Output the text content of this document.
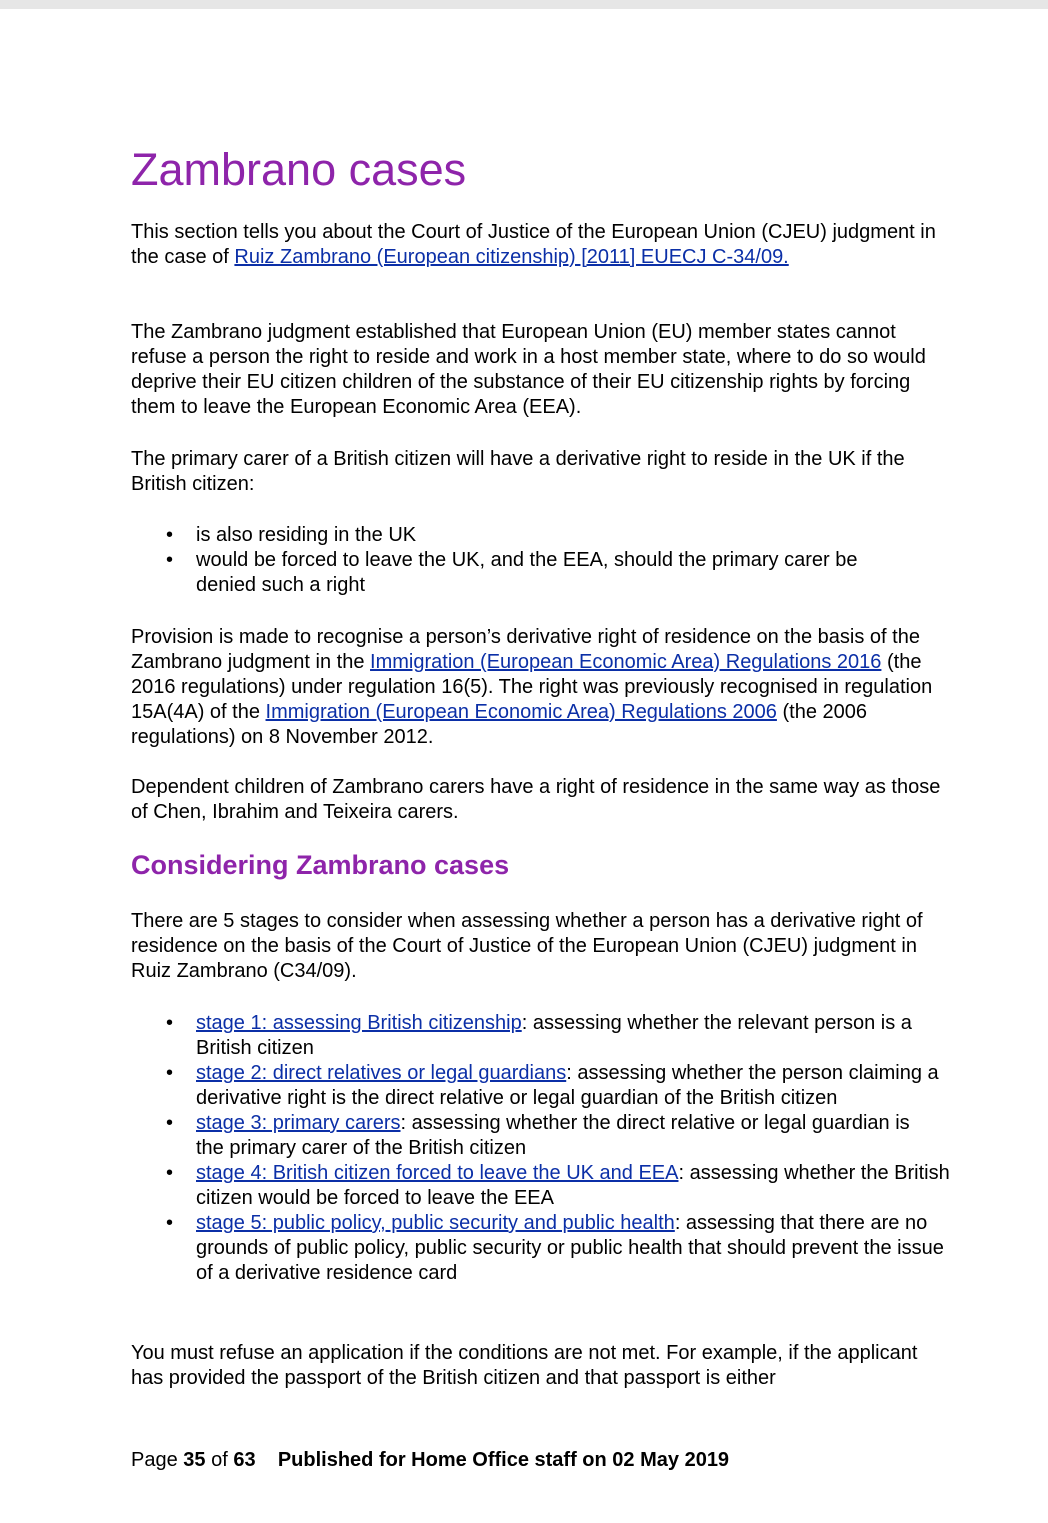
Zambrano cases

This section tells you about the Court of Justice of the European Union (CJEU) judgment in the case of Ruiz Zambrano (European citizenship) [2011] EUECJ C-34/09.

The Zambrano judgment established that European Union (EU) member states cannot refuse a person the right to reside and work in a host member state, where to do so would deprive their EU citizen children of the substance of their EU citizenship rights by forcing them to leave the European Economic Area (EEA).

The primary carer of a British citizen will have a derivative right to reside in the UK if the British citizen:

• is also residing in the UK
• would be forced to leave the UK, and the EEA, should the primary carer be denied such a right

Provision is made to recognise a person’s derivative right of residence on the basis of the Zambrano judgment in the Immigration (European Economic Area) Regulations 2016 (the 2016 regulations) under regulation 16(5). The right was previously recognised in regulation 15A(4A) of the Immigration (European Economic Area) Regulations 2006 (the 2006 regulations) on 8 November 2012.

Dependent children of Zambrano carers have a right of residence in the same way as those of Chen, Ibrahim and Teixeira carers.

Considering Zambrano cases

There are 5 stages to consider when assessing whether a person has a derivative right of residence on the basis of the Court of Justice of the European Union (CJEU) judgment in Ruiz Zambrano (C34/09).

• stage 1: assessing British citizenship: assessing whether the relevant person is a British citizen
• stage 2: direct relatives or legal guardians: assessing whether the person claiming a derivative right is the direct relative or legal guardian of the British citizen
• stage 3: primary carers: assessing whether the direct relative or legal guardian is the primary carer of the British citizen
• stage 4: British citizen forced to leave the UK and EEA: assessing whether the British citizen would be forced to leave the EEA
• stage 5: public policy, public security and public health: assessing that there are no grounds of public policy, public security or public health that should prevent the issue of a derivative residence card

You must refuse an application if the conditions are not met. For example, if the applicant has provided the passport of the British citizen and that passport is either

Page 35 of 63 Published for Home Office staff on 02 May 2019
